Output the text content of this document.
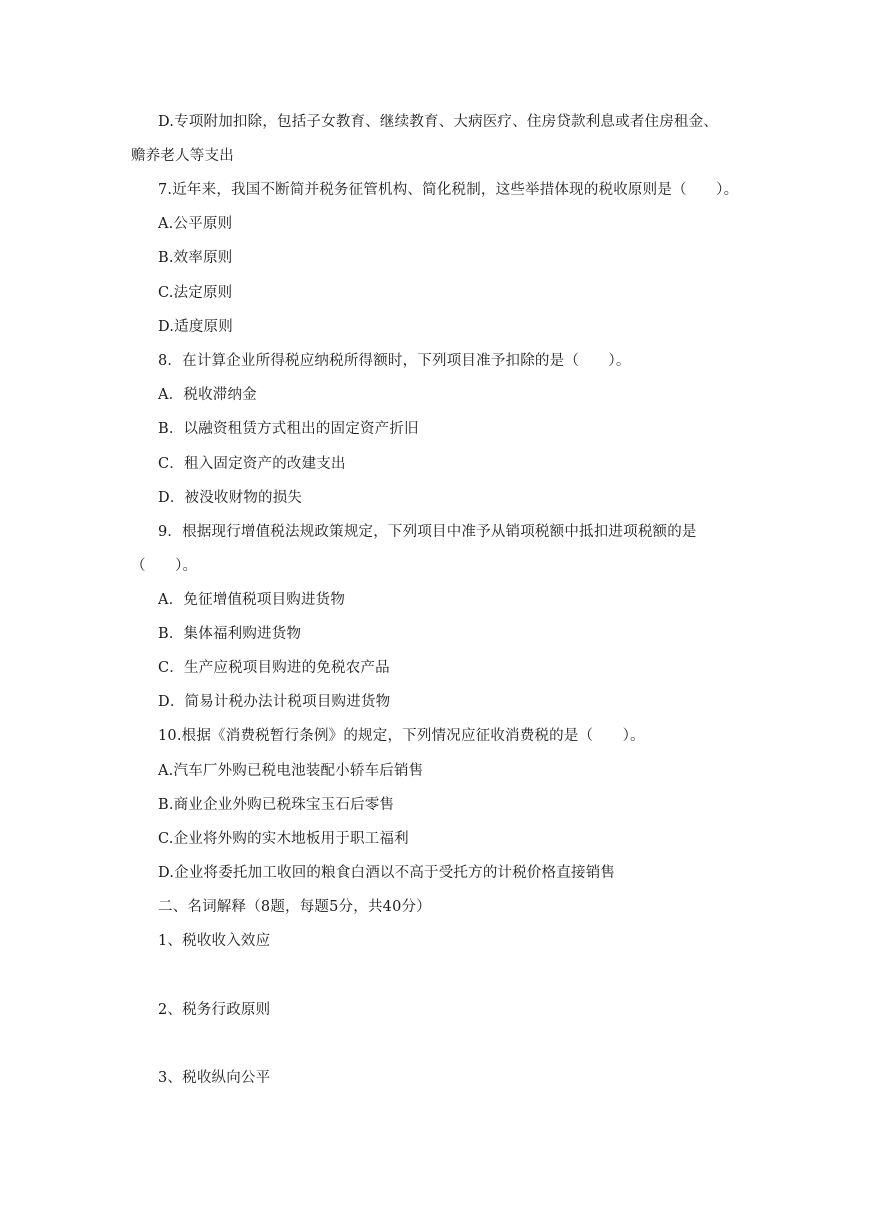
D.专项附加扣除，包括子女教育、继续教育、大病医疗、住房贷款利息或者住房租金、
赡养老人等支出
7.近年来，我国不断简并税务征管机构、简化税制，这些举措体现的税收原则是（　　）。
A.公平原则
B.效率原则
C.法定原则
D.适度原则
8．在计算企业所得税应纳税所得额时，下列项目准予扣除的是（　　）。
A．税收滞纳金
B．以融资租赁方式租出的固定资产折旧
C．租入固定资产的改建支出
D．被没收财物的损失
9．根据现行增值税法规政策规定，下列项目中准予从销项税额中抵扣进项税额的是
（　　）。
A．免征增值税项目购进货物
B．集体福利购进货物
C．生产应税项目购进的免税农产品
D．简易计税办法计税项目购进货物
10.根据《消费税暂行条例》的规定，下列情况应征收消费税的是（　　）。
A.汽车厂外购已税电池装配小轿车后销售
B.商业企业外购已税珠宝玉石后零售
C.企业将外购的实木地板用于职工福利
D.企业将委托加工收回的粮食白酒以不高于受托方的计税价格直接销售
二、名词解释（8题，每题5分，共40分）
1、税收收入效应
2、税务行政原则
3、税收纵向公平
